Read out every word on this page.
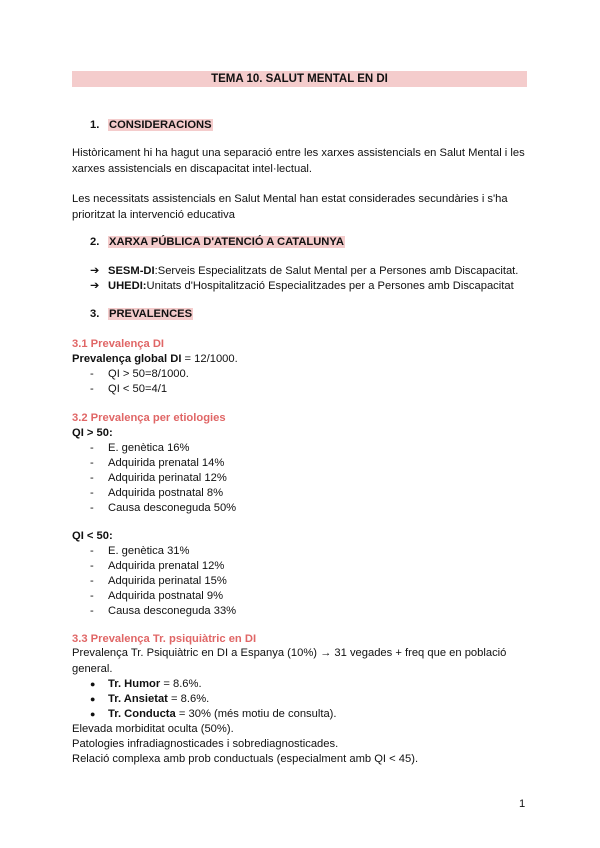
TEMA 10. SALUT MENTAL EN DI
1. CONSIDERACIONS
Històricament hi ha hagut una separació entre les xarxes assistencials en Salut Mental i les xarxes assistencials en discapacitat intel·lectual.
Les necessitats assistencials en Salut Mental han estat considerades secundàries i s'ha prioritzat la intervenció educativa
2. XARXA PÚBLICA D'ATENCIÓ A CATALUNYA
➔ SESM-DI:Serveis Especialitzats de Salut Mental per a Persones amb Discapacitat.
➔ UHEDI:Unitats d'Hospitalització Especialitzades per a Persones amb Discapacitat
3. PREVALENCES
3.1 Prevalença DI
Prevalença global DI = 12/1000.
- QI > 50=8/1000.
- QI < 50=4/1
3.2 Prevalença per etiologies
QI > 50:
- E. genètica 16%
- Adquirida prenatal 14%
- Adquirida perinatal 12%
- Adquirida postnatal 8%
- Causa desconeguda 50%
QI < 50:
- E. genètica 31%
- Adquirida prenatal 12%
- Adquirida perinatal 15%
- Adquirida postnatal 9%
- Causa desconeguda 33%
3.3 Prevalença Tr. psiquiàtric en DI
Prevalença Tr. Psiquiàtric en DI a Espanya (10%) → 31 vegades + freq que en població general.
● Tr. Humor = 8.6%.
● Tr. Ansietat = 8.6%.
● Tr. Conducta = 30% (més motiu de consulta).
Elevada morbiditat oculta (50%).
Patologies infradiagnosticades i sobrediagnosticades.
Relació complexa amb prob conductuals (especialment amb QI < 45).
1
